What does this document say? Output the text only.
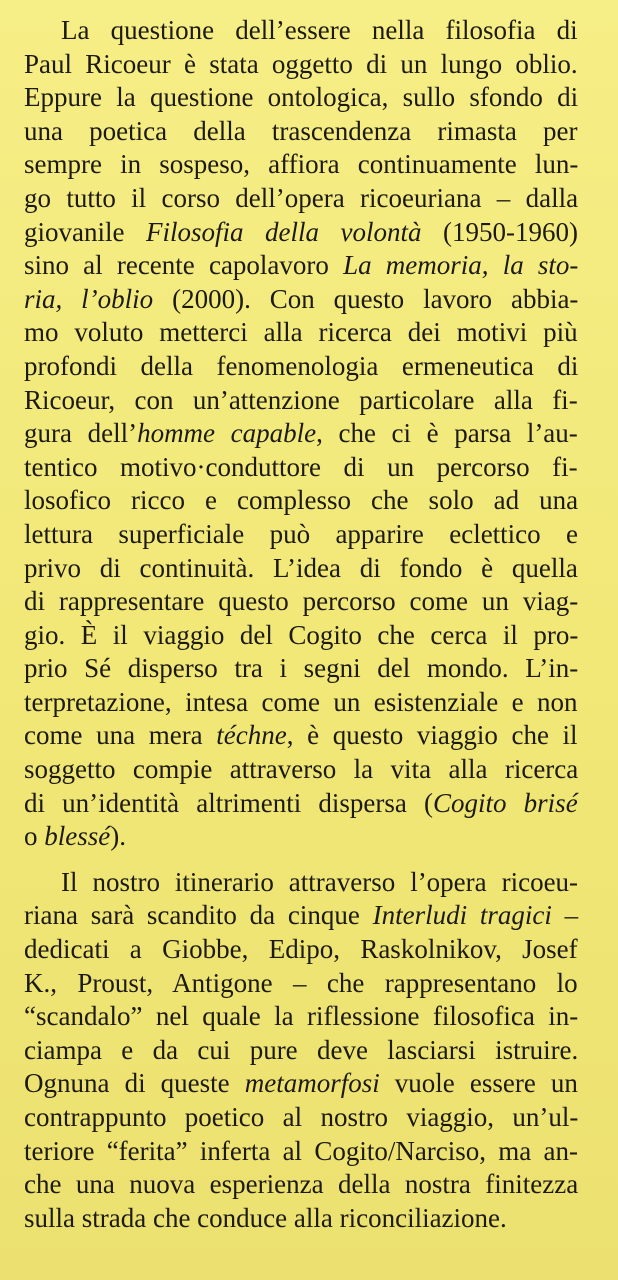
La questione dell’essere nella filosofia di
Paul Ricoeur è stata oggetto di un lungo oblio.
Eppure la questione ontologica, sullo sfondo di
una poetica della trascendenza rimasta per
sempre in sospeso, affiora continuamente lun-
go tutto il corso dell’opera ricoeuriana – dalla
giovanile Filosofia della volontà (1950-1960)
sino al recente capolavoro La memoria, la sto-
ria, l’oblio (2000). Con questo lavoro abbia-
mo voluto metterci alla ricerca dei motivi più
profondi della fenomenologia ermeneutica di
Ricoeur, con un’attenzione particolare alla fi-
gura dell’homme capable, che ci è parsa l’au-
tentico motivo·conduttore di un percorso fi-
losofico ricco e complesso che solo ad una
lettura superficiale può apparire eclettico e
privo di continuità. L’idea di fondo è quella
di rappresentare questo percorso come un viag-
gio. È il viaggio del Cogito che cerca il pro-
prio Sé disperso tra i segni del mondo. L’in-
terpretazione, intesa come un esistenziale e non
come una mera téchne, è questo viaggio che il
soggetto compie attraverso la vita alla ricerca
di un’identità altrimenti dispersa (Cogito brisé
o blessé).

Il nostro itinerario attraverso l’opera ricoeu-
riana sarà scandito da cinque Interludi tragici –
dedicati a Giobbe, Edipo, Raskolnikov, Josef
K., Proust, Antigone – che rappresentano lo
“scandalo” nel quale la riflessione filosofica in-
ciampa e da cui pure deve lasciarsi istruire.
Ognuna di queste metamorfosi vuole essere un
contrappunto poetico al nostro viaggio, un’ul-
teriore “ferita” inferta al Cogito/Narciso, ma an-
che una nuova esperienza della nostra finitezza
sulla strada che conduce alla riconciliazione.
